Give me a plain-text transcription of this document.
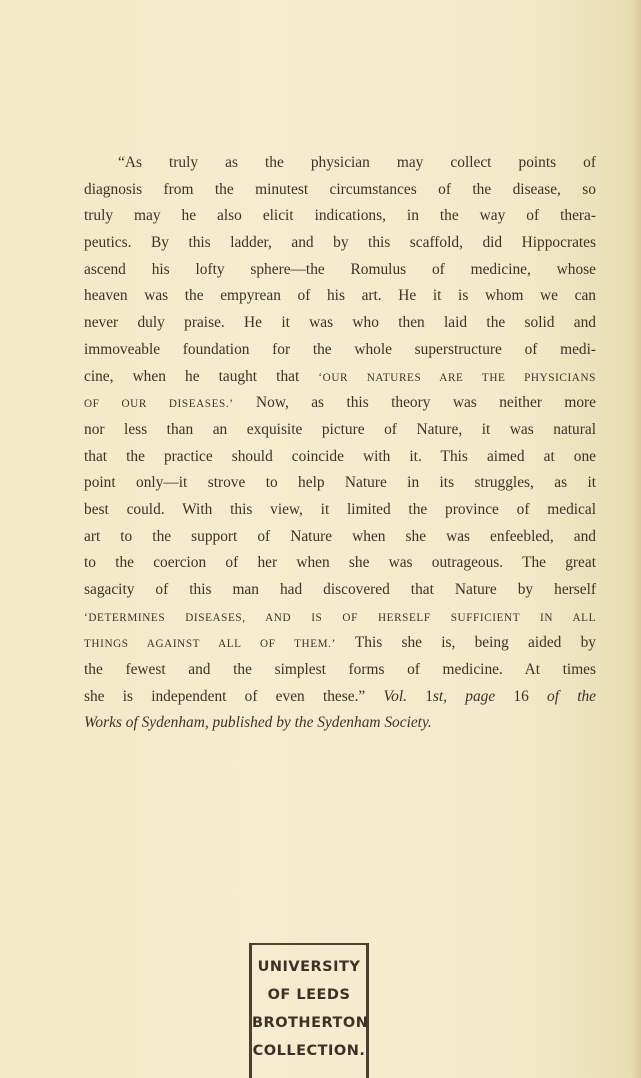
“As truly as the physician may collect points of
diagnosis from the minutest circumstances of the disease, so
truly may he also elicit indications, in the way of thera-
peutics. By this ladder, and by this scaffold, did Hippocrates
ascend his lofty sphere—the Romulus of medicine, whose
heaven was the empyrean of his art. He it is whom we can
never duly praise. He it was who then laid the solid and
immoveable foundation for the whole superstructure of medi-
cine, when he taught that ‘OUR NATURES ARE THE PHYSICIANS
OF OUR DISEASES.’ Now, as this theory was neither more
nor less than an exquisite picture of Nature, it was natural
that the practice should coincide with it. This aimed at one
point only—it strove to help Nature in its struggles, as it
best could. With this view, it limited the province of medical
art to the support of Nature when she was enfeebled, and
to the coercion of her when she was outrageous. The great
sagacity of this man had discovered that Nature by herself
‘DETERMINES DISEASES, AND IS OF HERSELF SUFFICIENT IN ALL
THINGS AGAINST ALL OF THEM.’ This she is, being aided by
the fewest and the simplest forms of medicine. At times
she is independent of even these.” Vol. 1st, page 16 of the
Works of Sydenham, published by the Sydenham Society.
UNIVERSITY
OF LEEDS
BROTHERTON
COLLECTION.
